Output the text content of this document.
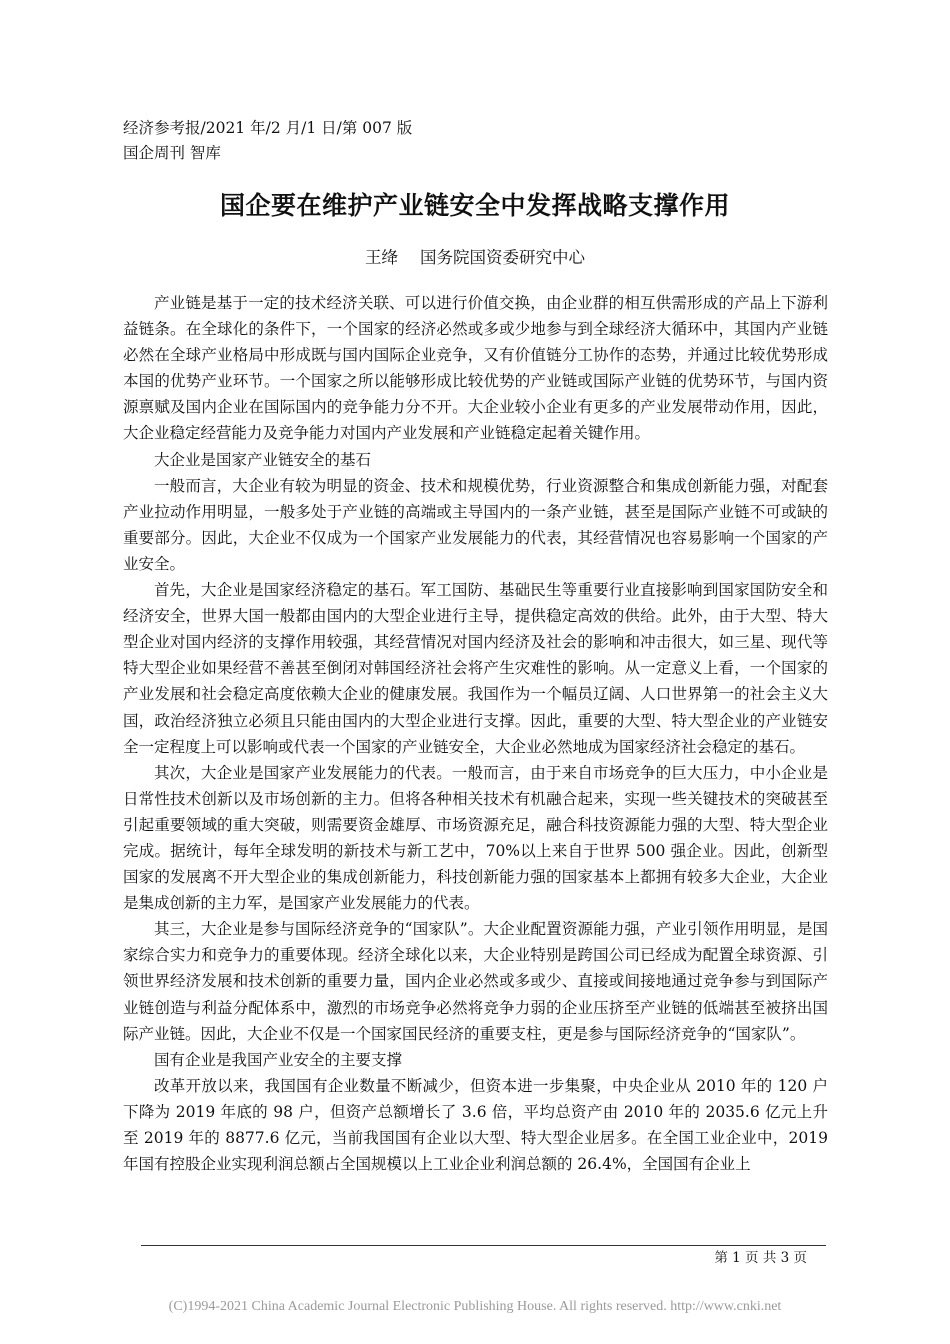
经济参考报/2021 年/2 月/1 日/第 007 版
国企周刊 智库
国企要在维护产业链安全中发挥战略支撑作用
王绛 国务院国资委研究中心

产业链是基于一定的技术经济关联、可以进行价值交换，由企业群的相互供需形成的产品上下游利益链条。在全球化的条件下，一个国家的经济必然或多或少地参与到全球经济大循环中，其国内产业链必然在全球产业格局中形成既与国内国际企业竞争，又有价值链分工协作的态势，并通过比较优势形成本国的优势产业环节。一个国家之所以能够形成比较优势的产业链或国际产业链的优势环节，与国内资源禀赋及国内企业在国际国内的竞争能力分不开。大企业较小企业有更多的产业发展带动作用，因此，大企业稳定经营能力及竞争能力对国内产业发展和产业链稳定起着关键作用。

大企业是国家产业链安全的基石

一般而言，大企业有较为明显的资金、技术和规模优势，行业资源整合和集成创新能力强，对配套产业拉动作用明显，一般多处于产业链的高端或主导国内的一条产业链，甚至是国际产业链不可或缺的重要部分。因此，大企业不仅成为一个国家产业发展能力的代表，其经营情况也容易影响一个国家的产业安全。

首先，大企业是国家经济稳定的基石。军工国防、基础民生等重要行业直接影响到国家国防安全和经济安全，世界大国一般都由国内的大型企业进行主导，提供稳定高效的供给。此外，由于大型、特大型企业对国内经济的支撑作用较强，其经营情况对国内经济及社会的影响和冲击很大，如三星、现代等特大型企业如果经营不善甚至倒闭对韩国经济社会将产生灾难性的影响。从一定意义上看，一个国家的产业发展和社会稳定高度依赖大企业的健康发展。我国作为一个幅员辽阔、人口世界第一的社会主义大国，政治经济独立必须且只能由国内的大型企业进行支撑。因此，重要的大型、特大型企业的产业链安全一定程度上可以影响或代表一个国家的产业链安全，大企业必然地成为国家经济社会稳定的基石。

其次，大企业是国家产业发展能力的代表。一般而言，由于来自市场竞争的巨大压力，中小企业是日常性技术创新以及市场创新的主力。但将各种相关技术有机融合起来，实现一些关键技术的突破甚至引起重要领域的重大突破，则需要资金雄厚、市场资源充足，融合科技资源能力强的大型、特大型企业完成。据统计，每年全球发明的新技术与新工艺中，70%以上来自于世界 500 强企业。因此，创新型国家的发展离不开大型企业的集成创新能力，科技创新能力强的国家基本上都拥有较多大企业，大企业是集成创新的主力军，是国家产业发展能力的代表。

其三，大企业是参与国际经济竞争的“国家队”。大企业配置资源能力强，产业引领作用明显，是国家综合实力和竞争力的重要体现。经济全球化以来，大企业特别是跨国公司已经成为配置全球资源、引领世界经济发展和技术创新的重要力量，国内企业必然或多或少、直接或间接地通过竞争参与到国际产业链创造与利益分配体系中，激烈的市场竞争必然将竞争力弱的企业压挤至产业链的低端甚至被挤出国际产业链。因此，大企业不仅是一个国家国民经济的重要支柱，更是参与国际经济竞争的“国家队”。

国有企业是我国产业安全的主要支撑

改革开放以来，我国国有企业数量不断减少，但资本进一步集聚，中央企业从 2010 年的 120 户下降为 2019 年底的 98 户，但资产总额增长了 3.6 倍，平均总资产由 2010 年的 2035.6 亿元上升至 2019 年的 8877.6 亿元，当前我国国有企业以大型、特大型企业居多。在全国工业企业中，2019 年国有控股企业实现利润总额占全国规模以上工业企业利润总额的 26.4%，全国国有企业上

第 1 页 共 3 页
(C)1994-2021 China Academic Journal Electronic Publishing House. All rights reserved. http://www.cnki.net
